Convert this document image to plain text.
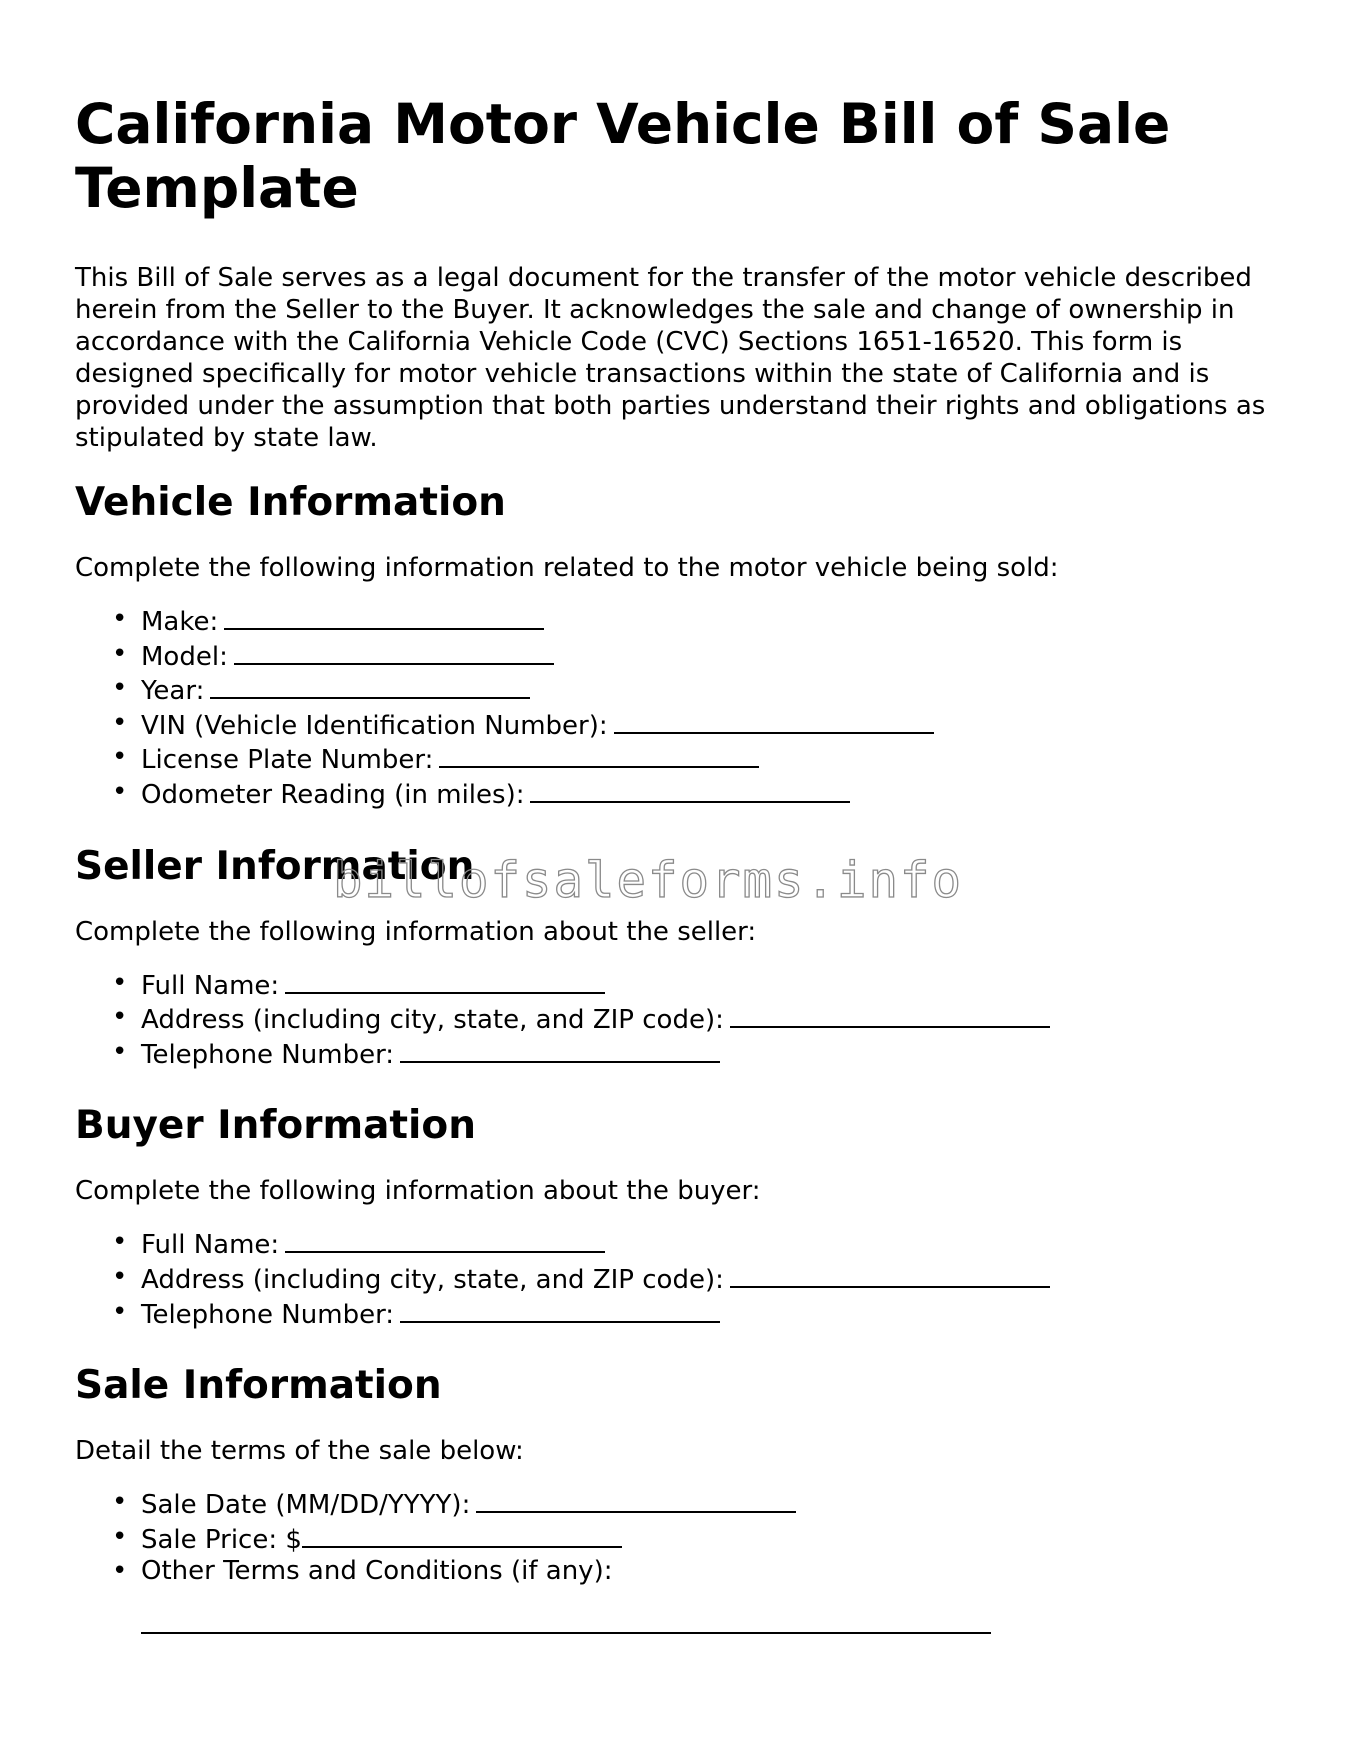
California Motor Vehicle Bill of Sale Template

This Bill of Sale serves as a legal document for the transfer of the motor vehicle described herein from the Seller to the Buyer. It acknowledges the sale and change of ownership in accordance with the California Vehicle Code (CVC) Sections 1651-16520. This form is designed specifically for motor vehicle transactions within the state of California and is provided under the assumption that both parties understand their rights and obligations as stipulated by state law.

Vehicle Information

Complete the following information related to the motor vehicle being sold:

• Make:
• Model:
• Year:
• VIN (Vehicle Identification Number):
• License Plate Number:
• Odometer Reading (in miles):
Seller Information

Complete the following information about the seller:

• Full Name:
• Address (including city, state, and ZIP code):
• Telephone Number:
Buyer Information

Complete the following information about the buyer:

• Full Name:
• Address (including city, state, and ZIP code):
• Telephone Number:
Sale Information

Detail the terms of the sale below:

• Sale Date (MM/DD/YYYY):
• Sale Price: $
• Other Terms and Conditions (if any):
billofsaleforms.info
